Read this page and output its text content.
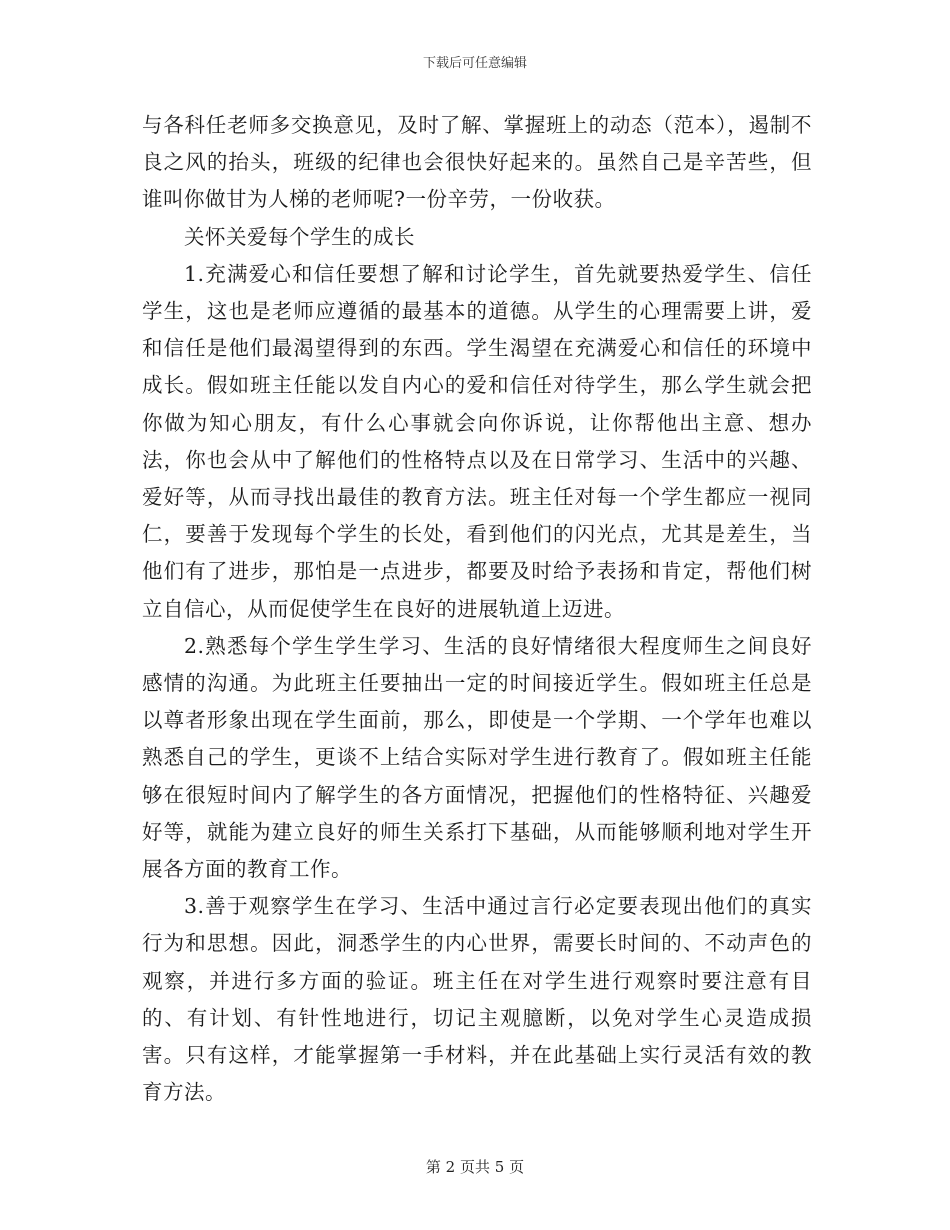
下载后可任意编辑

与各科任老师多交换意见，及时了解、掌握班上的动态（范本），遏制不良之风的抬头，班级的纪律也会很快好起来的。虽然自己是辛苦些，但谁叫你做甘为人梯的老师呢?一份辛劳，一份收获。

关怀关爱每个学生的成长

1.充满爱心和信任要想了解和讨论学生，首先就要热爱学生、信任学生，这也是老师应遵循的最基本的道德。从学生的心理需要上讲，爱和信任是他们最渴望得到的东西。学生渴望在充满爱心和信任的环境中成长。假如班主任能以发自内心的爱和信任对待学生，那么学生就会把你做为知心朋友，有什么心事就会向你诉说，让你帮他出主意、想办法，你也会从中了解他们的性格特点以及在日常学习、生活中的兴趣、爱好等，从而寻找出最佳的教育方法。班主任对每一个学生都应一视同仁，要善于发现每个学生的长处，看到他们的闪光点，尤其是差生，当他们有了进步，那怕是一点进步，都要及时给予表扬和肯定，帮他们树立自信心，从而促使学生在良好的进展轨道上迈进。

2.熟悉每个学生学生学习、生活的良好情绪很大程度师生之间良好感情的沟通。为此班主任要抽出一定的时间接近学生。假如班主任总是以尊者形象出现在学生面前，那么，即使是一个学期、一个学年也难以熟悉自己的学生，更谈不上结合实际对学生进行教育了。假如班主任能够在很短时间内了解学生的各方面情况，把握他们的性格特征、兴趣爱好等，就能为建立良好的师生关系打下基础，从而能够顺利地对学生开展各方面的教育工作。

3.善于观察学生在学习、生活中通过言行必定要表现出他们的真实行为和思想。因此，洞悉学生的内心世界，需要长时间的、不动声色的观察，并进行多方面的验证。班主任在对学生进行观察时要注意有目的、有计划、有针性地进行，切记主观臆断，以免对学生心灵造成损害。只有这样，才能掌握第一手材料，并在此基础上实行灵活有效的教育方法。

第 2 页共 5 页
